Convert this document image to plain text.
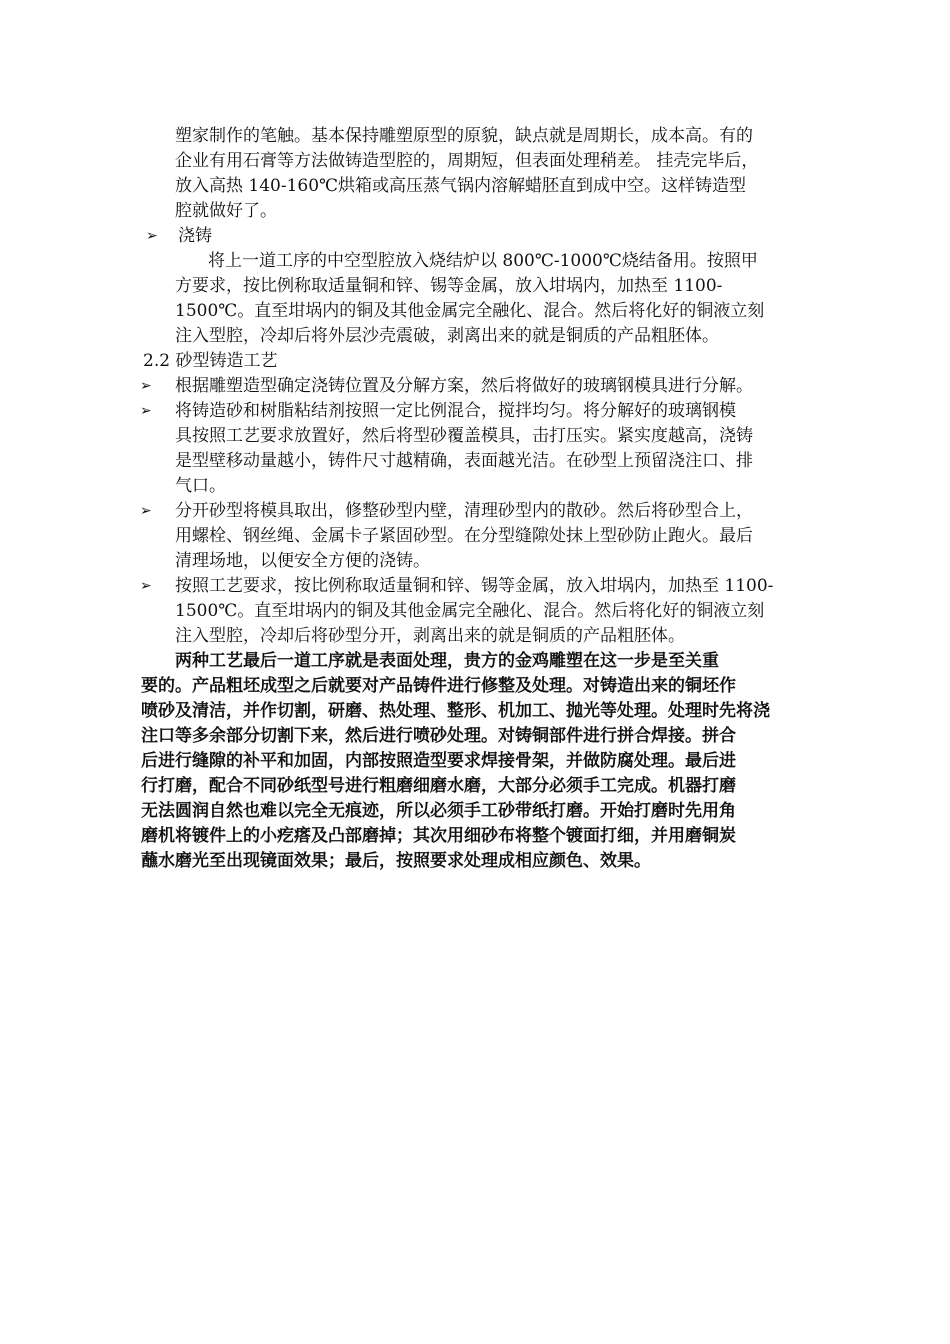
塑家制作的笔触。基本保持雕塑原型的原貌，缺点就是周期长，成本高。有的
企业有用石膏等方法做铸造型腔的，周期短，但表面处理稍差。 挂壳完毕后，
放入高热 140-160℃烘箱或高压蒸气锅内溶解蜡胚直到成中空。这样铸造型
腔就做好了。
➢ 浇铸
将上一道工序的中空型腔放入烧结炉以 800℃-1000℃烧结备用。按照甲
方要求，按比例称取适量铜和锌、锡等金属，放入坩埚内，加热至 1100-
1500℃。直至坩埚内的铜及其他金属完全融化、混合。然后将化好的铜液立刻
注入型腔，冷却后将外层沙壳震破，剥离出来的就是铜质的产品粗胚体。
2.2 砂型铸造工艺
➢ 根据雕塑造型确定浇铸位置及分解方案，然后将做好的玻璃钢模具进行分解。
➢ 将铸造砂和树脂粘结剂按照一定比例混合，搅拌均匀。将分解好的玻璃钢模
具按照工艺要求放置好，然后将型砂覆盖模具，击打压实。紧实度越高，浇铸
是型壁移动量越小，铸件尺寸越精确，表面越光洁。在砂型上预留浇注口、排
气口。
➢ 分开砂型将模具取出，修整砂型内壁，清理砂型内的散砂。然后将砂型合上，
用螺栓、钢丝绳、金属卡子紧固砂型。在分型缝隙处抹上型砂防止跑火。最后
清理场地，以便安全方便的浇铸。
➢ 按照工艺要求，按比例称取适量铜和锌、锡等金属，放入坩埚内，加热至 1100-
1500℃。直至坩埚内的铜及其他金属完全融化、混合。然后将化好的铜液立刻
注入型腔，冷却后将砂型分开，剥离出来的就是铜质的产品粗胚体。
两种工艺最后一道工序就是表面处理，贵方的金鸡雕塑在这一步是至关重
要的。产品粗坯成型之后就要对产品铸件进行修整及处理。对铸造出来的铜坯作
喷砂及清洁，并作切割，研磨、热处理、整形、机加工、抛光等处理。处理时先将浇
注口等多余部分切割下来，然后进行喷砂处理。对铸铜部件进行拼合焊接。拼合
后进行缝隙的补平和加固，内部按照造型要求焊接骨架，并做防腐处理。最后进
行打磨，配合不同砂纸型号进行粗磨细磨水磨，大部分必须手工完成。机器打磨
无法圆润自然也难以完全无痕迹，所以必须手工砂带纸打磨。开始打磨时先用角
磨机将镀件上的小疙瘩及凸部磨掉；其次用细砂布将整个镀面打细，并用磨铜炭
蘸水磨光至出现镜面效果；最后，按照要求处理成相应颜色、效果。
